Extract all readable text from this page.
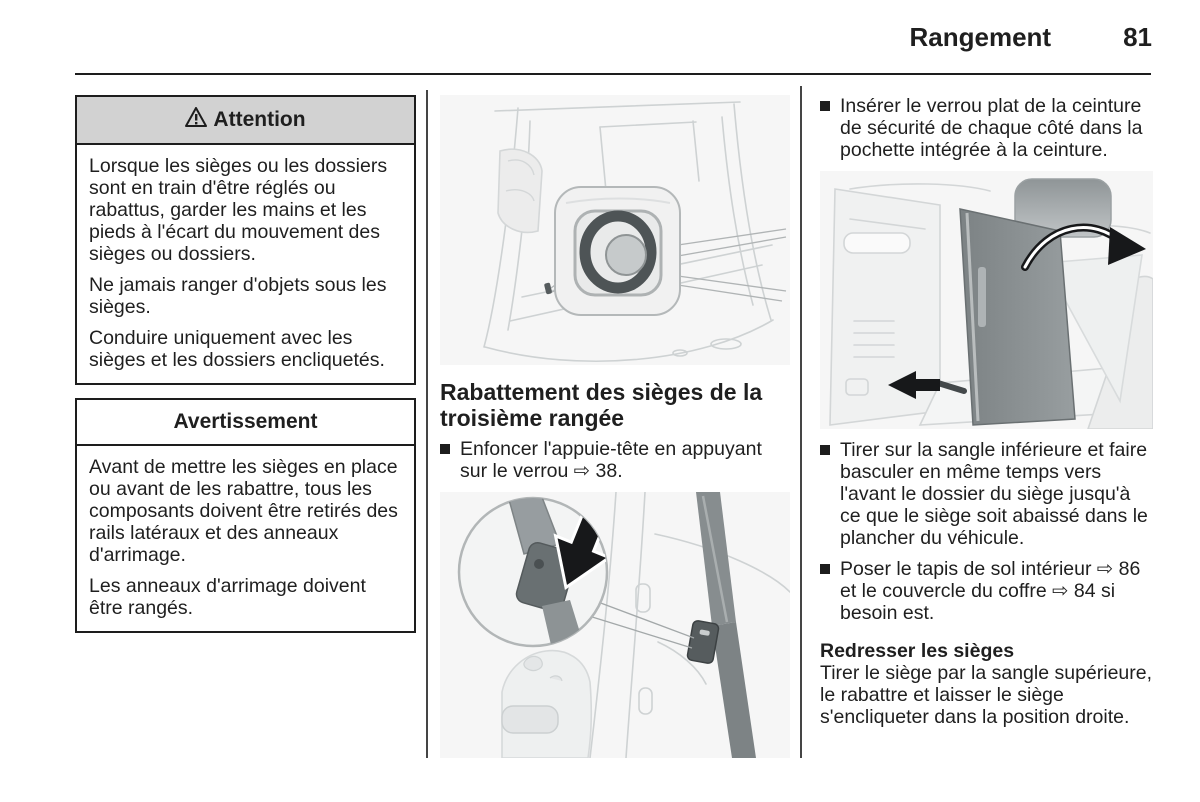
Rangement	81
Attention

Lorsque les sièges ou les dossiers sont en train d'être réglés ou rabattus, garder les mains et les pieds à l'écart du mouvement des sièges ou dossiers.

Ne jamais ranger d'objets sous les sièges.

Conduire uniquement avec les sièges et les dossiers encliquetés.

Avertissement

Avant de mettre les sièges en place ou avant de les rabattre, tous les composants doivent être retirés des rails latéraux et des anneaux d'arrimage.

Les anneaux d'arrimage doivent être rangés.

Rabattement des sièges de la troisième rangée
Enfoncer l'appuie-tête en appuyant sur le verrou ⇨ 38.
Insérer le verrou plat de la ceinture de sécurité de chaque côté dans la pochette intégrée à la ceinture.
Tirer sur la sangle inférieure et faire basculer en même temps vers l'avant le dossier du siège jusqu'à ce que le siège soit abaissé dans le plancher du véhicule.
Poser le tapis de sol intérieur ⇨ 86 et le couvercle du coffre ⇨ 84 si besoin est.
Redresser les sièges

Tirer le siège par la sangle supérieure, le rabattre et laisser le siège s'encliqueter dans la position droite.
